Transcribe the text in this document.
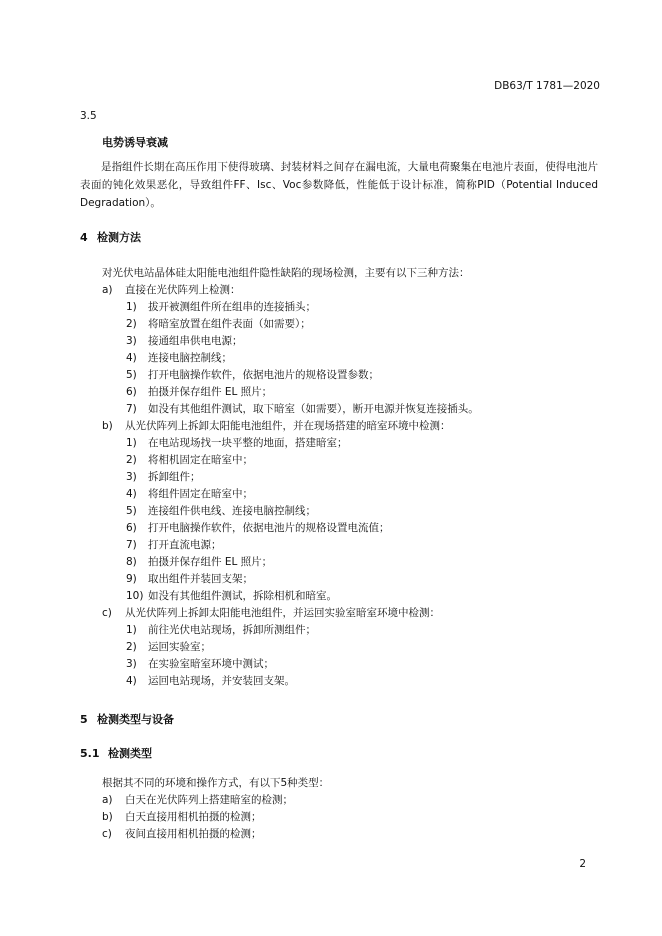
DB63/T 1781—2020
3.5
电势诱导衰减
是指组件长期在高压作用下使得玻璃、封装材料之间存在漏电流，大量电荷聚集在电池片表面，使得电池片表面的钝化效果恶化，导致组件FF、Isc、Voc参数降低，性能低于设计标准，简称PID（Potential Induced Degradation）。
4 检测方法
对光伏电站晶体硅太阳能电池组件隐性缺陷的现场检测，主要有以下三种方法：
a) 直接在光伏阵列上检测：
1) 拔开被测组件所在组串的连接插头；
2) 将暗室放置在组件表面（如需要）；
3) 接通组串供电电源；
4) 连接电脑控制线；
5) 打开电脑操作软件，依据电池片的规格设置参数；
6) 拍摄并保存组件 EL 照片；
7) 如没有其他组件测试，取下暗室（如需要），断开电源并恢复连接插头。
b) 从光伏阵列上拆卸太阳能电池组件，并在现场搭建的暗室环境中检测：
1) 在电站现场找一块平整的地面，搭建暗室；
2) 将相机固定在暗室中；
3) 拆卸组件；
4) 将组件固定在暗室中；
5) 连接组件供电线、连接电脑控制线；
6) 打开电脑操作软件，依据电池片的规格设置电流值；
7) 打开直流电源；
8) 拍摄并保存组件 EL 照片；
9) 取出组件并装回支架；
10) 如没有其他组件测试，拆除相机和暗室。
c) 从光伏阵列上拆卸太阳能电池组件，并运回实验室暗室环境中检测：
1) 前往光伏电站现场，拆卸所测组件；
2) 运回实验室；
3) 在实验室暗室环境中测试；
4) 运回电站现场，并安装回支架。
5 检测类型与设备
5.1 检测类型
根据其不同的环境和操作方式，有以下5种类型：
a) 白天在光伏阵列上搭建暗室的检测；
b) 白天直接用相机拍摄的检测；
c) 夜间直接用相机拍摄的检测；
2
